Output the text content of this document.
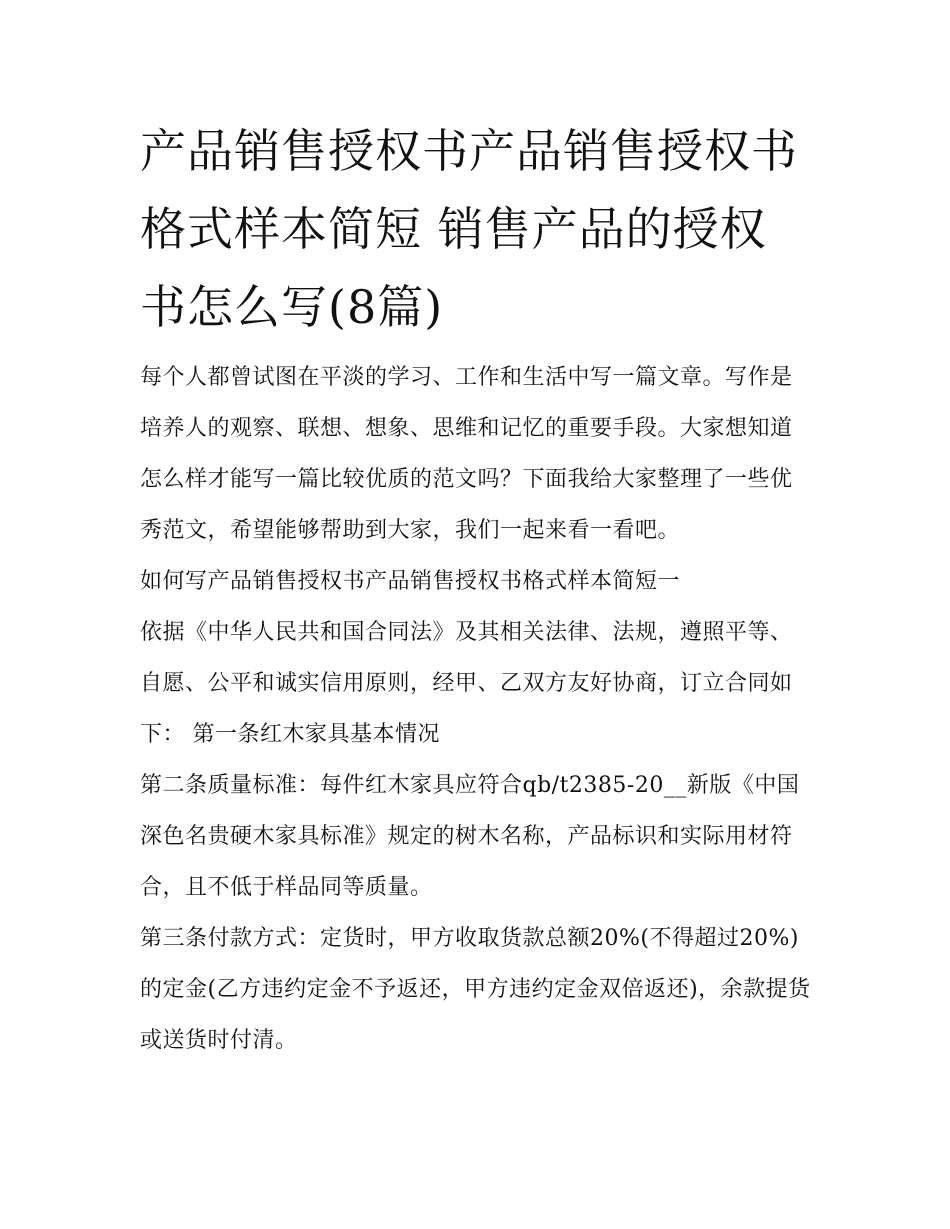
产品销售授权书产品销售授权书格式样本简短 销售产品的授权书怎么写(8篇)

每个人都曾试图在平淡的学习、工作和生活中写一篇文章。写作是培养人的观察、联想、想象、思维和记忆的重要手段。大家想知道怎么样才能写一篇比较优质的范文吗？下面我给大家整理了一些优秀范文，希望能够帮助到大家，我们一起来看一看吧。

如何写产品销售授权书产品销售授权书格式样本简短一

依据《中华人民共和国合同法》及其相关法律、法规，遵照平等、自愿、公平和诚实信用原则，经甲、乙双方友好协商，订立合同如下： 第一条红木家具基本情况

第二条质量标准：每件红木家具应符合qb/t2385-20__新版《中国深色名贵硬木家具标准》规定的树木名称，产品标识和实际用材符合，且不低于样品同等质量。

第三条付款方式：定货时，甲方收取货款总额20%(不得超过20%)的定金(乙方违约定金不予返还，甲方违约定金双倍返还)，余款提货或送货时付清。
